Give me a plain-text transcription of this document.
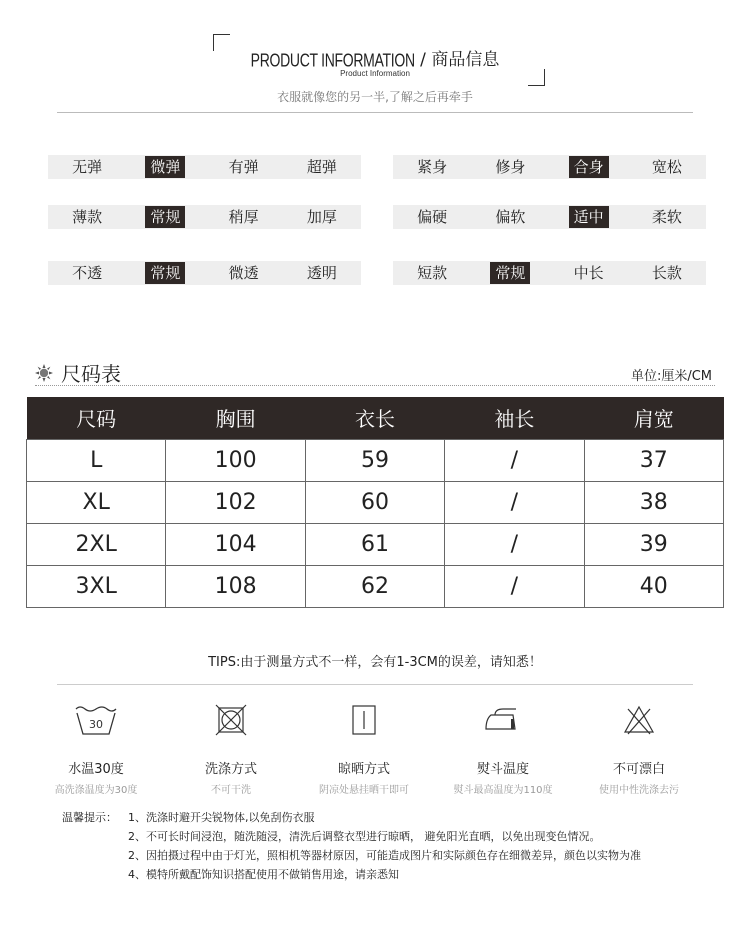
PRODUCT INFORMATION / 商品信息
Product Information
衣服就像您的另一半,了解之后再牵手
无弹	微弹	有弹	超弹	紧身	修身	合身	宽松
薄款	常规	稍厚	加厚	偏硬	偏软	适中	柔软
不透	常规	微透	透明	短款	常规	中长	长款
尺码表	单位:厘米/CM
尺码	胸围	衣长	袖长	肩宽
L	100	59	/	37
XL	102	60	/	38
2XL	104	61	/	39
3XL	108	62	/	40
TIPS:由于测量方式不一样，会有1-3CM的误差，请知悉！
30
水温30度
高洗涤温度为30度
洗涤方式
不可干洗
晾晒方式
阴凉处悬挂晒干即可
熨斗温度
熨斗最高温度为110度
不可漂白
使用中性洗涤去污
温馨提示：	1、洗涤时避开尖锐物体,以免刮伤衣服
2、不可长时间浸泡，随洗随浸，清洗后调整衣型进行晾晒， 避免阳光直晒，以免出现变色情况。
2、因拍摄过程中由于灯光，照相机等器材原因，可能造成图片和实际颜色存在细微差异，颜色以实物为准
4、模特所戴配饰知识搭配使用不做销售用途，请亲悉知
